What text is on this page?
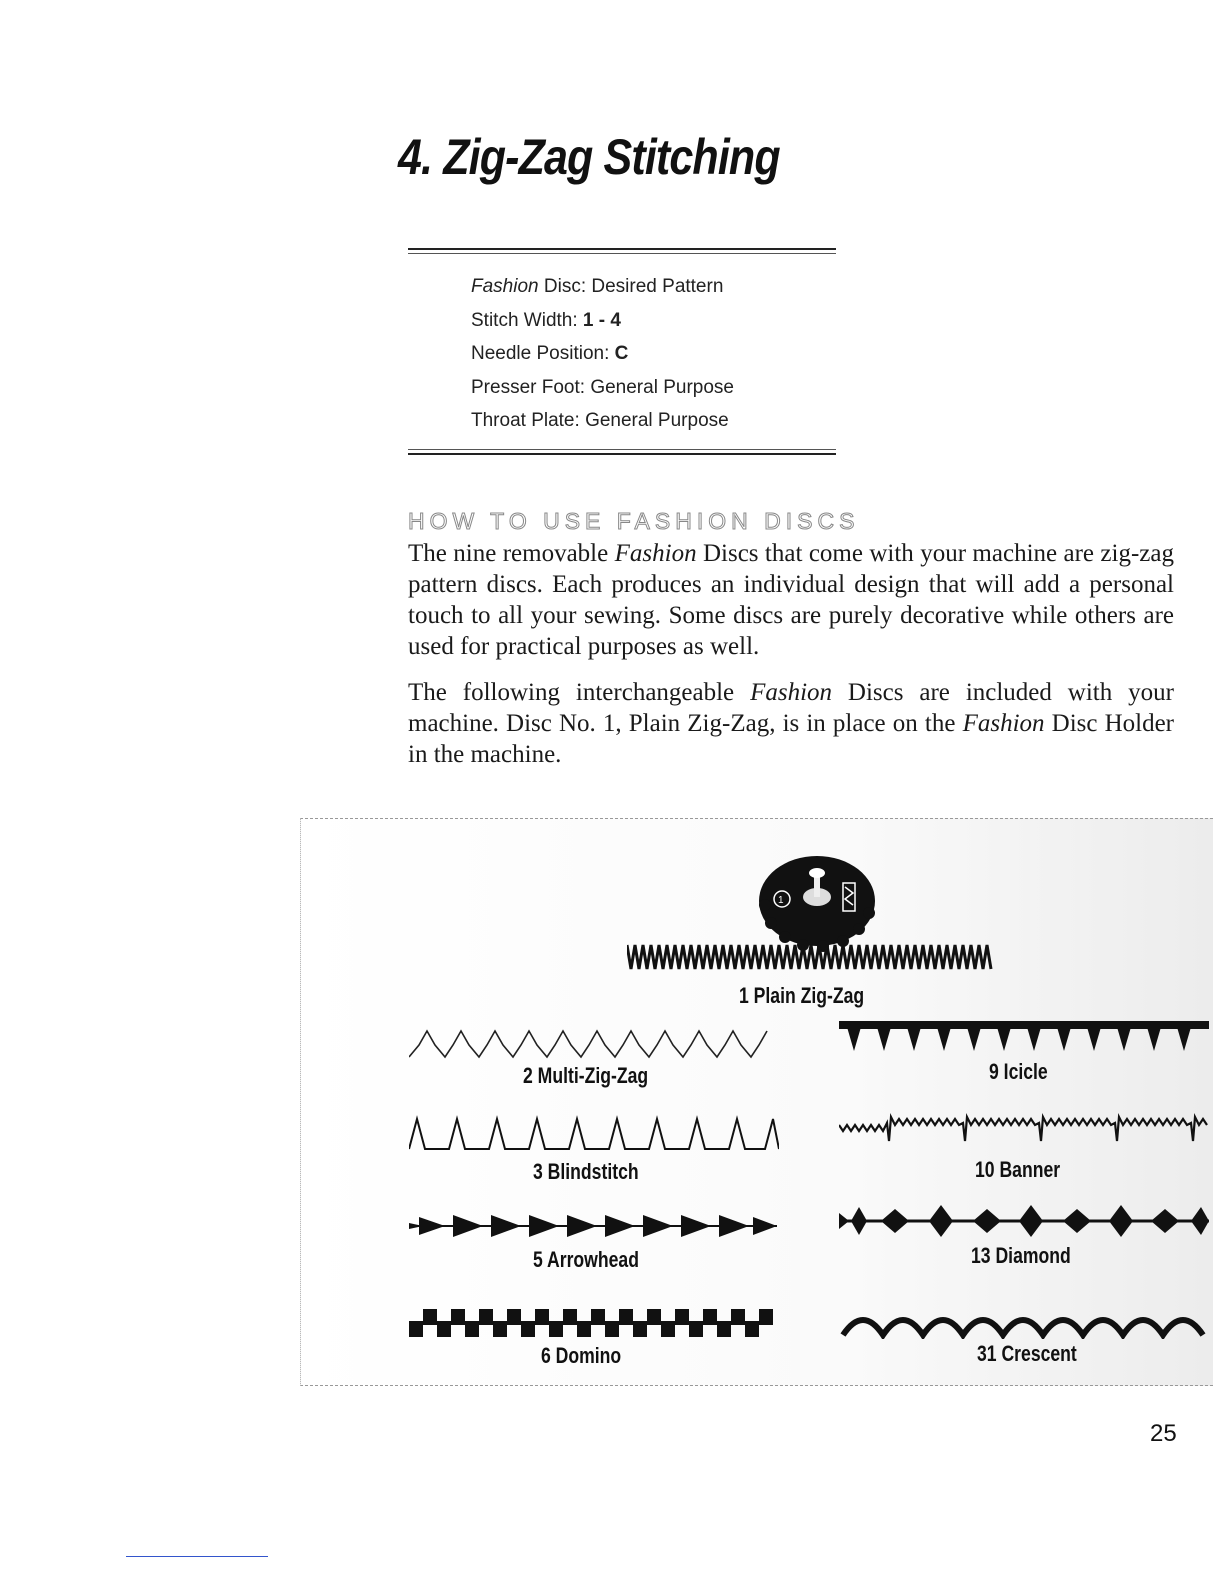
4. Zig-Zag Stitching
Fashion Disc: Desired Pattern
Stitch Width: 1 - 4
Needle Position: C
Presser Foot: General Purpose
Throat Plate: General Purpose
HOW TO USE FASHION DISCS

The nine removable Fashion Discs that come with your machine are zig-zag pattern discs. Each produces an individual design that will add a personal touch to all your sewing. Some discs are purely decorative while others are used for practical purposes as well.

The following interchangeable Fashion Discs are included with your machine. Disc No. 1, Plain Zig-Zag, is in place on the Fashion Disc Holder in the machine.

1
1 Plain Zig-Zag
2 Multi-Zig-Zag
3 Blindstitch
5 Arrowhead
6 Domino
9 Icicle
10 Banner
13 Diamond
31 Crescent
25
